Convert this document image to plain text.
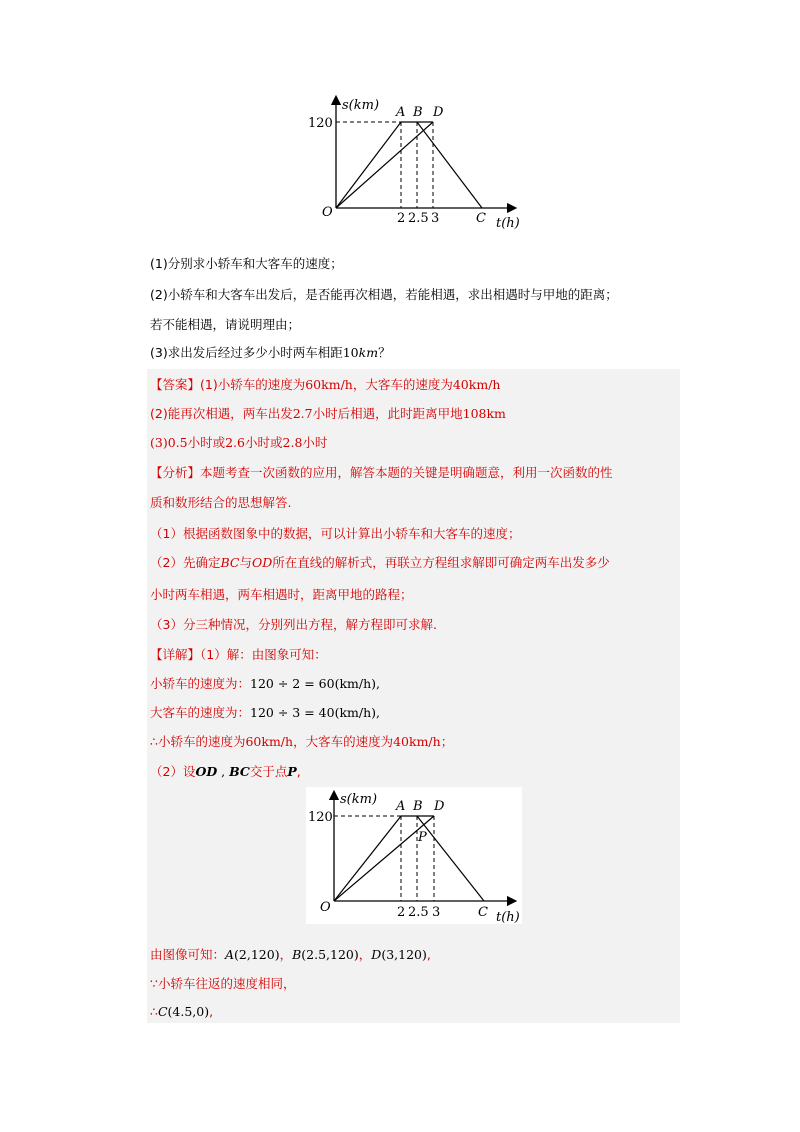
s(km)
120
A B D
O	2 2.5 3	C t(h)
(1)分别求小轿车和大客车的速度；
(2)小轿车和大客车出发后，是否能再次相遇，若能相遇，求出相遇时与甲地的距离；
若不能相遇，请说明理由；
(3)求出发后经过多少小时两车相距10km？
【答案】(1)小轿车的速度为60km/h，大客车的速度为40km/h
(2)能再次相遇，两车出发2.7小时后相遇，此时距离甲地108km
(3)0.5小时或2.6小时或2.8小时
【分析】本题考查一次函数的应用，解答本题的关键是明确题意，利用一次函数的性
质和数形结合的思想解答.
（1）根据函数图象中的数据，可以计算出小轿车和大客车的速度；
（2）先确定BC与OD所在直线的解析式，再联立方程组求解即可确定两车出发多少
小时两车相遇，两车相遇时，距离甲地的路程；
（3）分三种情况，分别列出方程，解方程即可求解.
【详解】（1）解：由图象可知：
小轿车的速度为：120 ÷ 2 = 60(km/h),
大客车的速度为：120 ÷ 3 = 40(km/h),
∴小轿车的速度为60km/h，大客车的速度为40km/h；
（2）设OD , BC交于点P,
s(km)
120
A B D
P
O	2 2.5 3	C t(h)
由图像可知：A(2,120)，B(2.5,120)，D(3,120),
∵小轿车往返的速度相同，
∴C(4.5,0),
